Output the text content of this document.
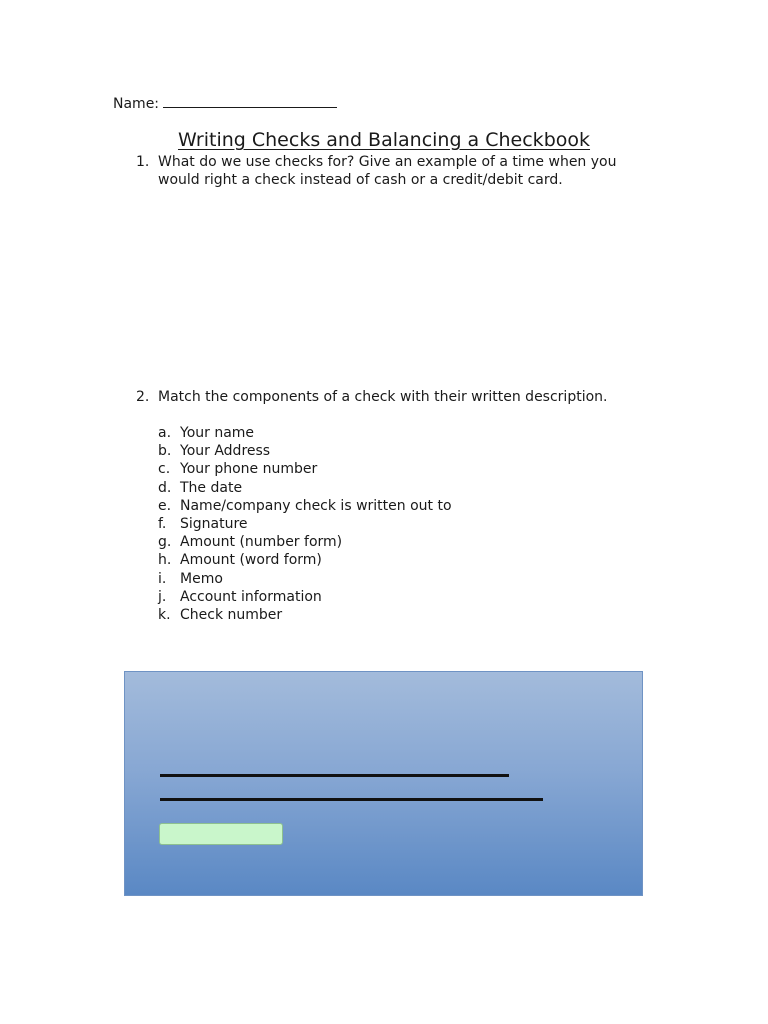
Name:
Writing Checks and Balancing a Checkbook
1. What do we use checks for? Give an example of a time when you
would right a check instead of cash or a credit/debit card.
2. Match the components of a check with their written description.
a. Your name
b. Your Address
c. Your phone number
d. The date
e. Name/company check is written out to
f. Signature
g. Amount (number form)
h. Amount (word form)
i. Memo
j. Account information
k. Check number
